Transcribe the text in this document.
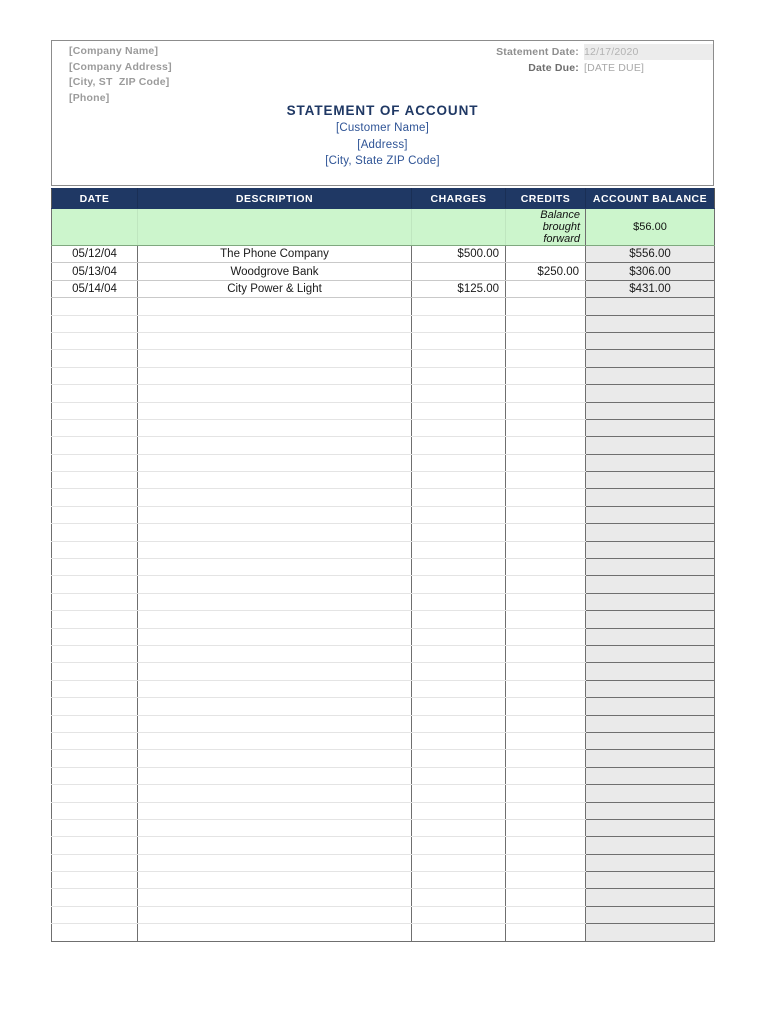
[Company Name]
[Company Address]
[City, ST  ZIP Code]
[Phone]
Statement Date: 12/17/2020
Date Due: [DATE DUE]
STATEMENT OF ACCOUNT
[Customer Name]
[Address]
[City, State ZIP Code]
DATE	DESCRIPTION	CHARGES	CREDITS	ACCOUNT BALANCE
			Balance brought forward	$56.00
05/12/04	The Phone Company	$500.00		$556.00
05/13/04	Woodgrove Bank		$250.00	$306.00
05/14/04	City Power & Light	$125.00		$431.00
